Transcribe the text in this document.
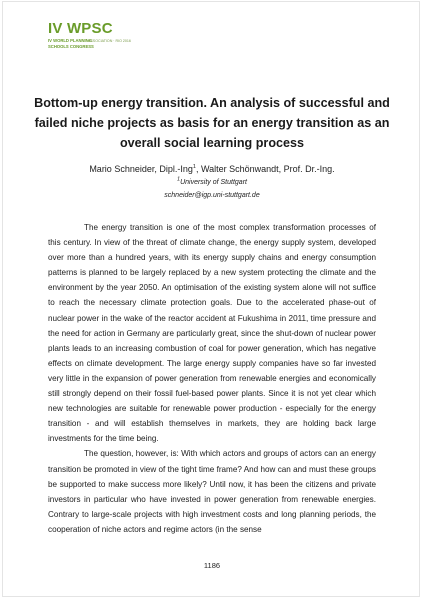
IV WPSC

IV WORLD PLANNING

SCHOOLS CONGRESS

ASSOCIATION · RIO 2016
Bottom-up energy transition. An analysis of successful and failed niche projects as basis for an energy transition as an overall social learning process
Mario Schneider, Dipl.-Ing$^1$, Walter Schönwandt, Prof. Dr.-Ing.
$^1$University of Stuttgart
schneider@igp.uni-stuttgart.de

The energy transition is one of the most complex transformation processes of this century. In view of the threat of climate change, the energy supply system, developed over more than a hundred years, with its energy supply chains and energy consumption patterns is planned to be largely replaced by a new system protecting the climate and the environment by the year 2050. An optimisation of the existing system alone will not suffice to reach the necessary climate protection goals. Due to the accelerated phase-out of nuclear power in the wake of the reactor accident at Fukushima in 2011, time pressure and the need for action in Germany are particularly great, since the shut-down of nuclear power plants leads to an increasing combustion of coal for power generation, which has negative effects on climate development. The large energy supply companies have so far invested very little in the expansion of power generation from renewable energies and economically still strongly depend on their fossil fuel-based power plants. Since it is not yet clear which new technologies are suitable for renewable power production - especially for the energy transition - and will establish themselves in markets, they are holding back large investments for the time being.

The question, however, is: With which actors and groups of actors can an energy transition be promoted in view of the tight time frame? And how can and must these groups be supported to make success more likely? Until now, it has been the citizens and private investors in particular who have invested in power generation from renewable energies. Contrary to large-scale projects with high investment costs and long planning periods, the cooperation of niche actors and regime actors (in the sense

1186
